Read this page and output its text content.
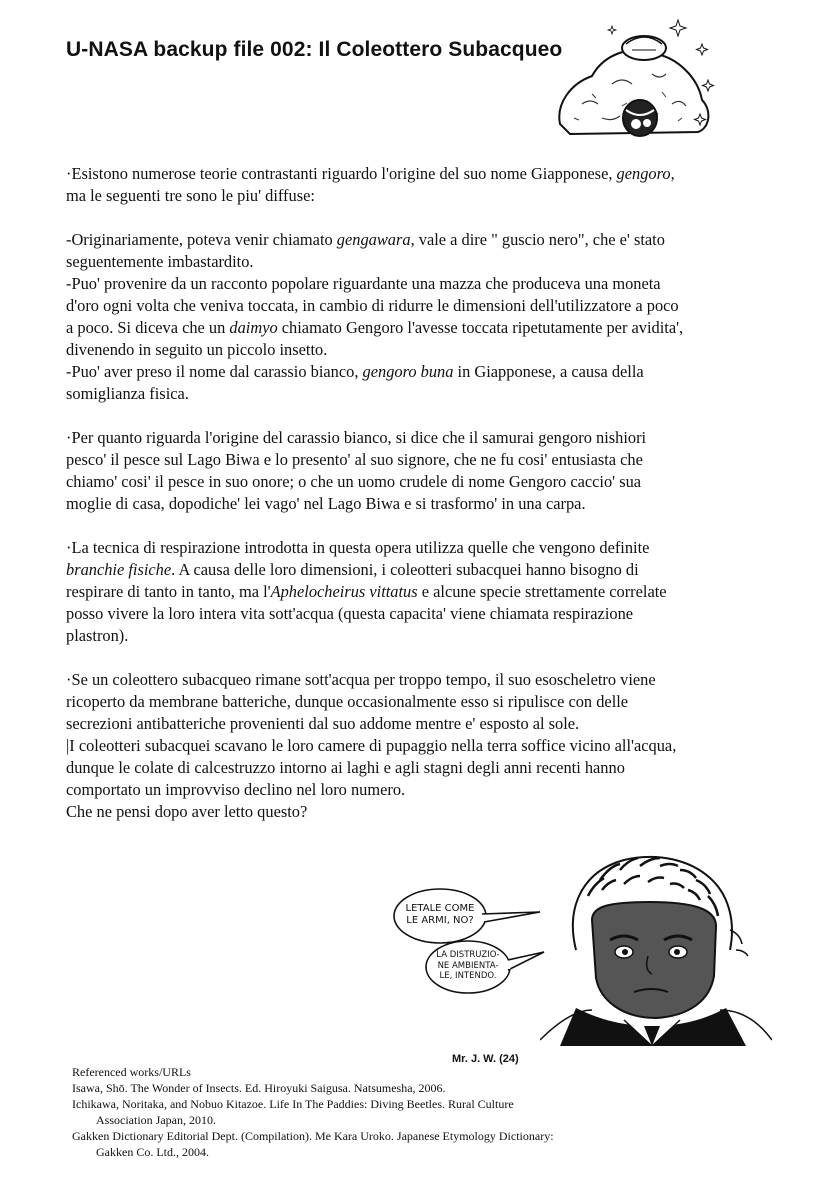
U-NASA backup file 002: Il Coleottero Subacqueo

·Esistono numerose teorie contrastanti riguardo l'origine del suo nome Giapponese, gengoro,
ma le seguenti tre sono le piu' diffuse:

-Originariamente, poteva venir chiamato gengawara, vale a dire " guscio nero", che e' stato
seguentemente imbastardito.
-Puo' provenire da un racconto popolare riguardante una mazza che produceva una moneta
d'oro ogni volta che veniva toccata, in cambio di ridurre le dimensioni dell'utilizzatore a poco
a poco. Si diceva che un daimyo chiamato Gengoro l'avesse toccata ripetutamente per avidita',
divenendo in seguito un piccolo insetto.
-Puo' aver preso il nome dal carassio bianco, gengoro buna in Giapponese, a causa della
somiglianza fisica.

·Per quanto riguarda l'origine del carassio bianco, si dice che il samurai gengoro nishiori
pesco' il pesce sul Lago Biwa e lo presento' al suo signore, che ne fu cosi' entusiasta che
chiamo' cosi' il pesce in suo onore; o che un uomo crudele di nome Gengoro caccio' sua
moglie di casa, dopodiche' lei vago' nel Lago Biwa e si trasformo' in una carpa.

·La tecnica di respirazione introdotta in questa opera utilizza quelle che vengono definite
branchie fisiche. A causa delle loro dimensioni, i coleotteri subacquei hanno bisogno di
respirare di tanto in tanto, ma l'Aphelocheirus vittatus e alcune specie strettamente correlate
posso vivere la loro intera vita sott'acqua (questa capacita' viene chiamata respirazione
plastron).

·Se un coleottero subacqueo rimane sott'acqua per troppo tempo, il suo esoscheletro viene
ricoperto da membrane batteriche, dunque occasionalmente esso si ripulisce con delle
secrezioni antibatteriche provenienti dal suo addome mentre e' esposto al sole.
|I coleotteri subacquei scavano le loro camere di pupaggio nella terra soffice vicino all'acqua,
dunque le colate di calcestruzzo intorno ai laghi e agli stagni degli anni recenti hanno
comportato un improvviso declino nel loro numero.
Che ne pensi dopo aver letto questo?

LETALE COME
LE ARMI, NO?
LA DISTRUZIO-
NE AMBIENTA-
LE, INTENDO.
Mr. J. W. (24)

Referenced works/URLs

Isawa, Shō. The Wonder of Insects. Ed. Hiroyuki Saigusa. Natsumesha, 2006.

Ichikawa, Noritaka, and Nobuo Kitazoe. Life In The Paddies: Diving Beetles. Rural Culture Association Japan, 2010.

Gakken Dictionary Editorial Dept. (Compilation). Me Kara Uroko. Japanese Etymology Dictionary: Gakken Co. Ltd., 2004.
